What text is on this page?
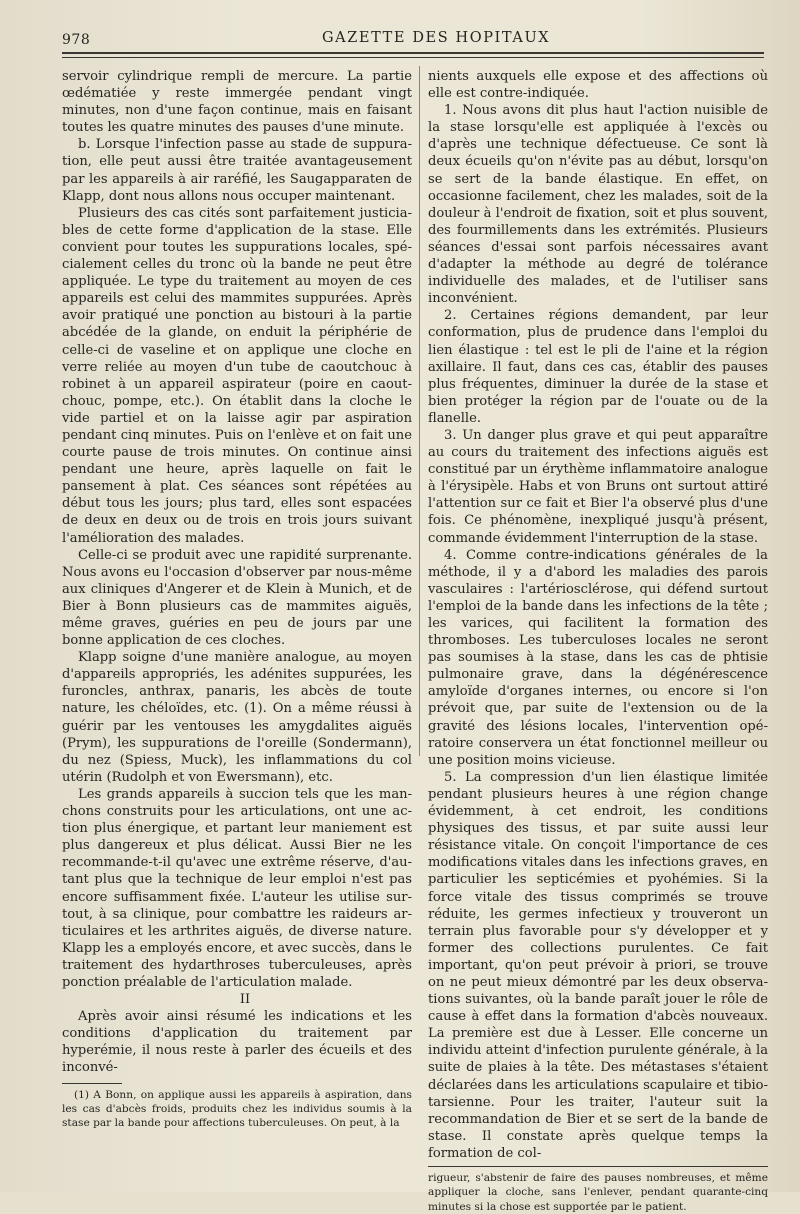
978	GAZETTE DES HOPITAUX

servoir cylindrique rempli de mercure. La partie œdématiée y reste immergée pendant vingt minutes, non d'une façon continue, mais en faisant toutes les quatre minutes des pauses d'une minute.

b. Lorsque l'infection passe au stade de suppuration, elle peut aussi être traitée avantageusement par les appareils à air raréfié, les Saugapparaten de Klapp, dont nous allons nous occuper maintenant.

Plusieurs des cas cités sont parfaitement justiciables de cette forme d'application de la stase. Elle convient pour toutes les suppurations locales, spécialement celles du tronc où la bande ne peut être appliquée. Le type du traitement au moyen de ces appareils est celui des mammites suppurées. Après avoir pratiqué une ponction au bistouri à la partie abcédée de la glande, on enduit la périphérie de celle-ci de vaseline et on applique une cloche en verre reliée au moyen d'un tube de caoutchouc à robinet à un appareil aspirateur (poire en caoutchouc, pompe, etc.). On établit dans la cloche le vide partiel et on la laisse agir par aspiration pendant cinq minutes. Puis on l'enlève et on fait une courte pause de trois minutes. On continue ainsi pendant une heure, après laquelle on fait le pansement à plat. Ces séances sont répétées au début tous les jours; plus tard, elles sont espacées de deux en deux ou de trois en trois jours suivant l'amélioration des malades.

Celle-ci se produit avec une rapidité surprenante. Nous avons eu l'occasion d'observer par nous-même aux cliniques d'Angerer et de Klein à Munich, et de Bier à Bonn plusieurs cas de mammites aiguës, même graves, guéries en peu de jours par une bonne application de ces cloches.

Klapp soigne d'une manière analogue, au moyen d'appareils appropriés, les adénites suppurées, les furoncles, anthrax, panaris, les abcès de toute nature, les chéloïdes, etc. (1). On a même réussi à guérir par les ventouses les amygdalites aiguës (Prym), les suppurations de l'oreille (Sondermann), du nez (Spiess, Muck), les inflammations du col utérin (Rudolph et von Ewersmann), etc.

Les grands appareils à succion tels que les manchons construits pour les articulations, ont une action plus énergique, et partant leur maniement est plus dangereux et plus délicat. Aussi Bier ne les recommande-t-il qu'avec une extrême réserve, d'autant plus que la technique de leur emploi n'est pas encore suffisamment fixée. L'auteur les utilise surtout, à sa clinique, pour combattre les raideurs articulaires et les arthrites aiguës, de diverse nature. Klapp les a employés encore, et avec succès, dans le traitement des hydarthroses tuberculeuses, après ponction préalable de l'articulation malade.

II

Après avoir ainsi résumé les indications et les conditions d'application du traitement par hyperémie, il nous reste à parler des écueils et des inconvé-

(1) A Bonn, on applique aussi les appareils à aspiration, dans les cas d'abcès froids, produits chez les individus soumis à la stase par la bande pour affections tuberculeuses. On peut, à la

nients auxquels elle expose et des affections où elle est contre-indiquée.

1. Nous avons dit plus haut l'action nuisible de la stase lorsqu'elle est appliquée à l'excès ou d'après une technique défectueuse. Ce sont là deux écueils qu'on n'évite pas au début, lorsqu'on se sert de la bande élastique. En effet, on occasionne facilement, chez les malades, soit de la douleur à l'endroit de fixation, soit et plus souvent, des fourmillements dans les extrémités. Plusieurs séances d'essai sont parfois nécessaires avant d'adapter la méthode au degré de tolérance individuelle des malades, et de l'utiliser sans inconvénient.

2. Certaines régions demandent, par leur conformation, plus de prudence dans l'emploi du lien élastique : tel est le pli de l'aine et la région axillaire. Il faut, dans ces cas, établir des pauses plus fréquentes, diminuer la durée de la stase et bien protéger la région par de l'ouate ou de la flanelle.

3. Un danger plus grave et qui peut apparaître au cours du traitement des infections aiguës est constitué par un érythème inflammatoire analogue à l'érysipèle. Habs et von Bruns ont surtout attiré l'attention sur ce fait et Bier l'a observé plus d'une fois. Ce phénomène, inexpliqué jusqu'à présent, commande évidemment l'interruption de la stase.

4. Comme contre-indications générales de la méthode, il y a d'abord les maladies des parois vasculaires : l'artériosclérose, qui défend surtout l'emploi de la bande dans les infections de la tête ; les varices, qui facilitent la formation des thromboses. Les tuberculoses locales ne seront pas soumises à la stase, dans les cas de phtisie pulmonaire grave, dans la dégénérescence amyloïde d'organes internes, ou encore si l'on prévoit que, par suite de l'extension ou de la gravité des lésions locales, l'intervention opératoire conservera un état fonctionnel meilleur ou une position moins vicieuse.

5. La compression d'un lien élastique limitée pendant plusieurs heures à une région change évidemment, à cet endroit, les conditions physiques des tissus, et par suite aussi leur résistance vitale. On conçoit l'importance de ces modifications vitales dans les infections graves, en particulier les septicémies et pyohémies. Si la force vitale des tissus comprimés se trouve réduite, les germes infectieux y trouveront un terrain plus favorable pour s'y développer et y former des collections purulentes. Ce fait important, qu'on peut prévoir à priori, se trouve on ne peut mieux démontré par les deux observations suivantes, où la bande paraît jouer le rôle de cause à effet dans la formation d'abcès nouveaux. La première est due à Lesser. Elle concerne un individu atteint d'infection purulente générale, à la suite de plaies à la tête. Des métastases s'étaient déclarées dans les articulations scapulaire et tibio-tarsienne. Pour les traiter, l'auteur suit la recommandation de Bier et se sert de la bande de stase. Il constate après quelque temps la formation de col-

rigueur, s'abstenir de faire des pauses nombreuses, et même appliquer la cloche, sans l'enlever, pendant quarante-cinq minutes si la chose est supportée par le patient.
